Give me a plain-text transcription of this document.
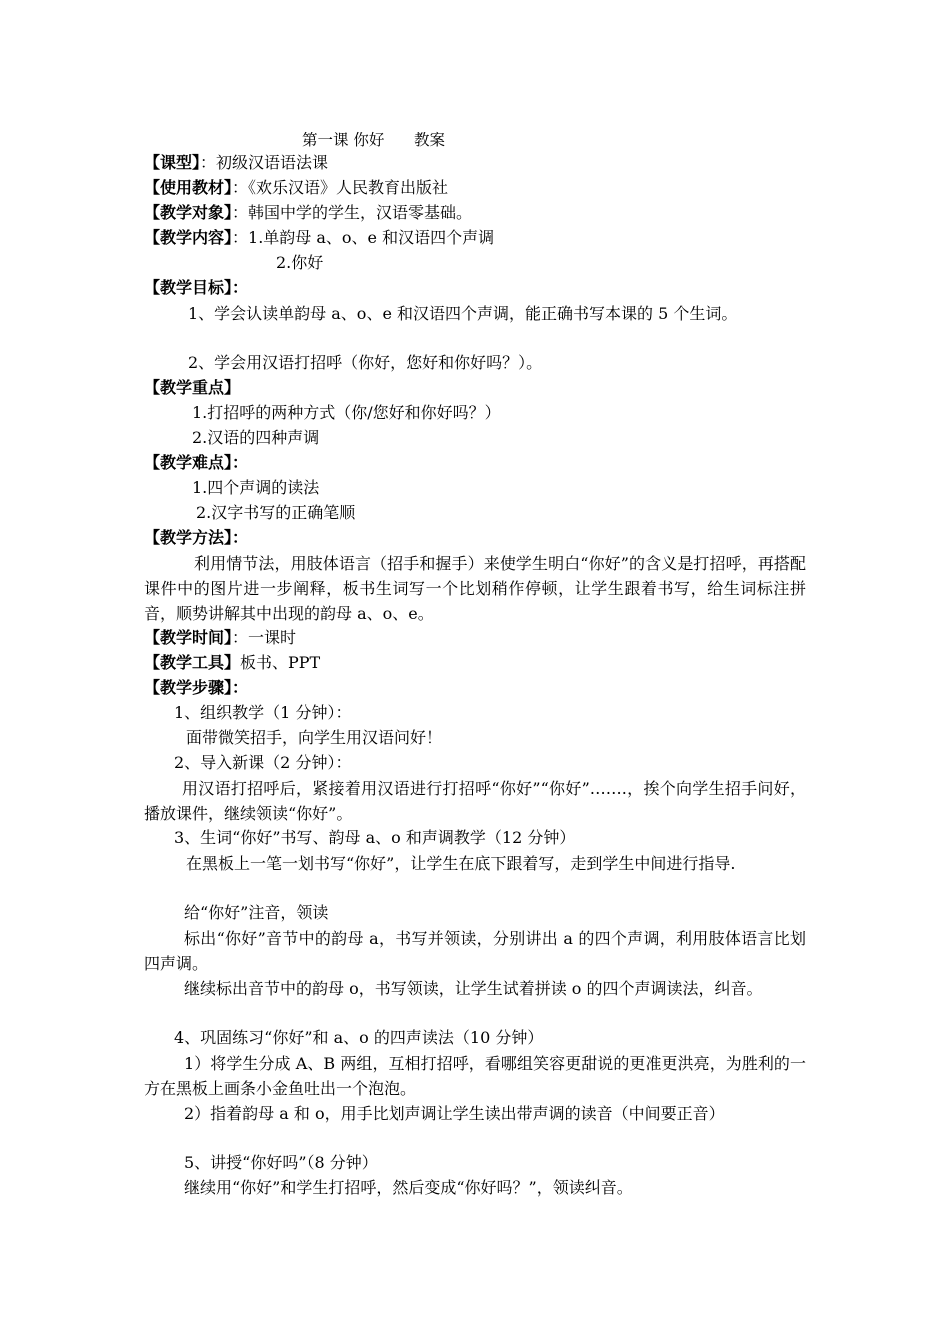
第一课 你好      教案
【课型】：初级汉语语法课
【使用教材】：《欢乐汉语》人民教育出版社
【教学对象】：韩国中学的学生，汉语零基础。
【教学内容】：1.单韵母 a、o、e 和汉语四个声调
2.你好
【教学目标】：
1、学会认读单韵母 a、o、e 和汉语四个声调，能正确书写本课的 5 个生词。
2、学会用汉语打招呼（你好，您好和你好吗？）。
【教学重点】
1.打招呼的两种方式（你/您好和你好吗？）
2.汉语的四种声调
【教学难点】：
1.四个声调的读法
2.汉字书写的正确笔顺
【教学方法】：
利用情节法，用肢体语言（招手和握手）来使学生明白“你好”的含义是打招呼，再搭配课件中的图片进一步阐释，板书生词写一个比划稍作停顿，让学生跟着书写，给生词标注拼音，顺势讲解其中出现的韵母 a、o、e。
【教学时间】：一课时
【教学工具】板书、PPT
【教学步骤】：
1、组织教学（1 分钟）：
面带微笑招手，向学生用汉语问好！
2、导入新课（2 分钟）：
用汉语打招呼后，紧接着用汉语进行打招呼“你好”“你好”…….，挨个向学生招手问好，播放课件，继续领读“你好”。
3、生词“你好”书写、韵母 a、o 和声调教学（12 分钟）
在黑板上一笔一划书写“你好”，让学生在底下跟着写，走到学生中间进行指导.
给“你好”注音，领读
标出“你好”音节中的韵母 a，书写并领读，分别讲出 a 的四个声调，利用肢体语言比划四声调。
继续标出音节中的韵母 o，书写领读，让学生试着拼读 o 的四个声调读法，纠音。
4、巩固练习“你好”和 a、o 的四声读法（10 分钟）
1）将学生分成 A、B 两组，互相打招呼，看哪组笑容更甜说的更准更洪亮，为胜利的一方在黑板上画条小金鱼吐出一个泡泡。
2）指着韵母 a 和 o，用手比划声调让学生读出带声调的读音（中间要正音）
5、讲授“你好吗”（8 分钟）
继续用“你好”和学生打招呼，然后变成“你好吗？”，领读纠音。
